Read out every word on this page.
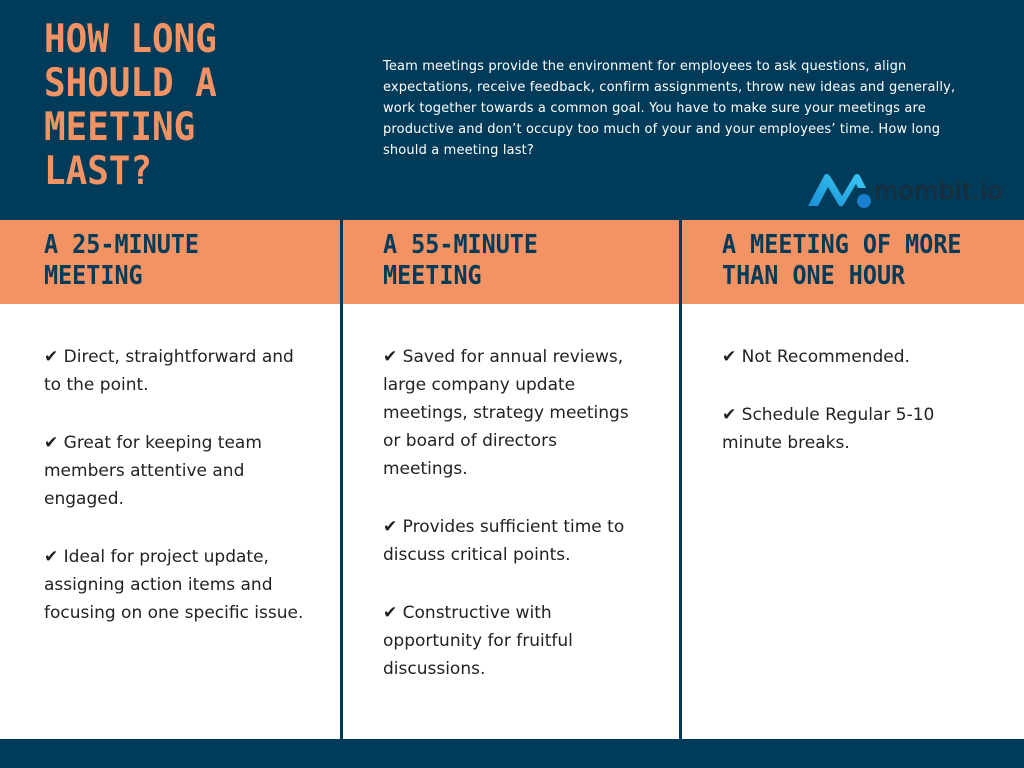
HOW LONG
SHOULD A
MEETING
LAST?

Team meetings provide the environment for employees to ask questions, align expectations, receive feedback, confirm assignments, throw new ideas and generally, work together towards a common goal. You have to make sure your meetings are productive and don’t occupy too much of your and your employees’ time. How long should a meeting last?

mombit.io
A 25-MINUTE
MEETING
✔ Direct, straightforward and to the point.
✔ Great for keeping team members attentive and engaged.
✔ Ideal for project update, assigning action items and focusing on one specific issue.
A 55-MINUTE
MEETING
✔ Saved for annual reviews, large company update meetings, strategy meetings or board of directors meetings.
✔ Provides sufficient time to discuss critical points.
✔ Constructive with opportunity for fruitful discussions.
A MEETING OF MORE
THAN ONE HOUR
✔ Not Recommended.
✔ Schedule Regular 5-10 minute breaks.
